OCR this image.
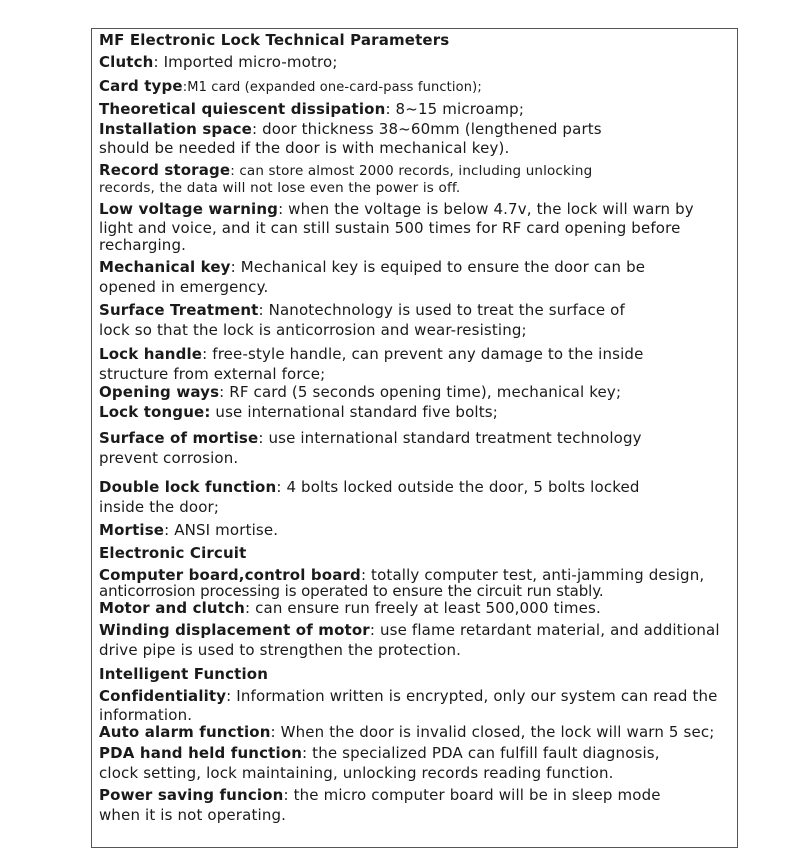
MF Electronic Lock Technical Parameters
Clutch: Imported micro-motro;
Card type:M1 card (expanded one-card-pass function);
Theoretical quiescent dissipation: 8~15 microamp;
Installation space: door thickness 38~60mm (lengthened parts
should be needed if the door is with mechanical key).
Record storage: can store almost 2000 records, including unlocking
records, the data will not lose even the power is off.
Low voltage warning: when the voltage is below 4.7v, the lock will warn by
light and voice, and it can still sustain 500 times for RF card opening before
recharging.
Mechanical key: Mechanical key is equiped to ensure the door can be
opened in emergency.
Surface Treatment: Nanotechnology is used to treat the surface of
lock so that the lock is anticorrosion and wear-resisting;
Lock handle: free-style handle, can prevent any damage to the inside
structure from external force;
Opening ways: RF card (5 seconds opening time), mechanical key;
Lock tongue: use international standard five bolts;
Surface of mortise: use international standard treatment technology
prevent corrosion.
Double lock function: 4 bolts locked outside the door, 5 bolts locked
inside the door;
Mortise: ANSI mortise.
Electronic Circuit
Computer board,control board: totally computer test, anti-jamming design,
anticorrosion processing is operated to ensure the circuit run stably.
Motor and clutch: can ensure run freely at least 500,000 times.
Winding displacement of motor: use flame retardant material, and additional
drive pipe is used to strengthen the protection.
Intelligent Function
Confidentiality: Information written is encrypted, only our system can read the
information.
Auto alarm function: When the door is invalid closed, the lock will warn 5 sec;
PDA hand held function: the specialized PDA can fulfill fault diagnosis,
clock setting, lock maintaining, unlocking records reading function.
Power saving funcion: the micro computer board will be in sleep mode
when it is not operating.
